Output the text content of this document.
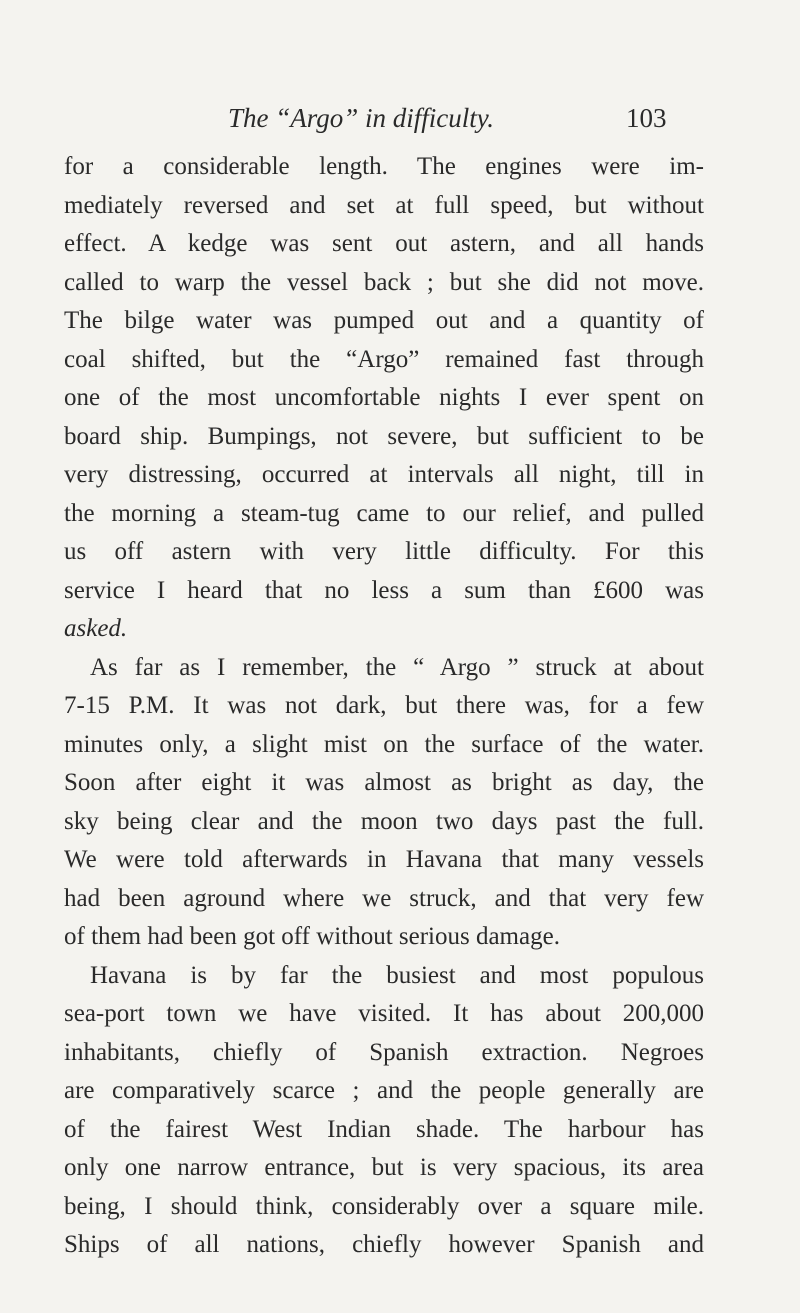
The “Argo” in difficulty.	103
for a considerable length. The engines were im-
mediately reversed and set at full speed, but without
effect. A kedge was sent out astern, and all hands
called to warp the vessel back ; but she did not move.
The bilge water was pumped out and a quantity of
coal shifted, but the “Argo” remained fast through
one of the most uncomfortable nights I ever spent on
board ship. Bumpings, not severe, but sufficient to be
very distressing, occurred at intervals all night, till in
the morning a steam-tug came to our relief, and pulled
us off astern with very little difficulty. For this
service I heard that no less a sum than £600 was
asked.
As far as I remember, the “ Argo ” struck at about
7-15 P.M. It was not dark, but there was, for a few
minutes only, a slight mist on the surface of the water.
Soon after eight it was almost as bright as day, the
sky being clear and the moon two days past the full.
We were told afterwards in Havana that many vessels
had been aground where we struck, and that very few
of them had been got off without serious damage.
Havana is by far the busiest and most populous
sea-port town we have visited. It has about 200,000
inhabitants, chiefly of Spanish extraction. Negroes
are comparatively scarce ; and the people generally are
of the fairest West Indian shade. The harbour has
only one narrow entrance, but is very spacious, its area
being, I should think, considerably over a square mile.
Ships of all nations, chiefly however Spanish and
